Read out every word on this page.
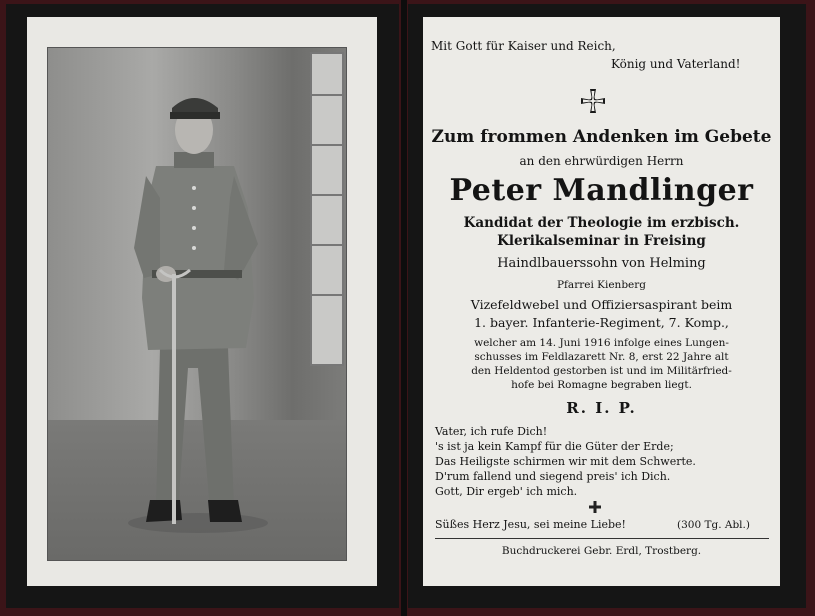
Mit Gott für Kaiser und Reich,
König und Vaterland!
Zum frommen Andenken im Gebete
an den ehrwürdigen Herrn
Peter Mandlinger
Kandidat der Theologie im erzbisch.
Klerikalseminar in Freising
Haindlbauerssohn von Helming
Pfarrei Kienberg
Vizefeldwebel und Offiziersaspirant beim
1. bayer. Infanterie-Regiment, 7. Komp.,
welcher am 14. Juni 1916 infolge eines Lungen-
schusses im Feldlazarett Nr. 8, erst 22 Jahre alt
den Heldentod gestorben ist und im Militärfried-
hofe bei Romagne begraben liegt.
R. I. P.
Vater, ich rufe Dich!
's ist ja kein Kampf für die Güter der Erde;
Das Heiligste schirmen wir mit dem Schwerte.
D'rum fallend und siegend preis' ich Dich.
Gott, Dir ergeb' ich mich.
Süßes Herz Jesu, sei meine Liebe!	(300 Tg. Abl.)
Buchdruckerei Gebr. Erdl, Trostberg.
